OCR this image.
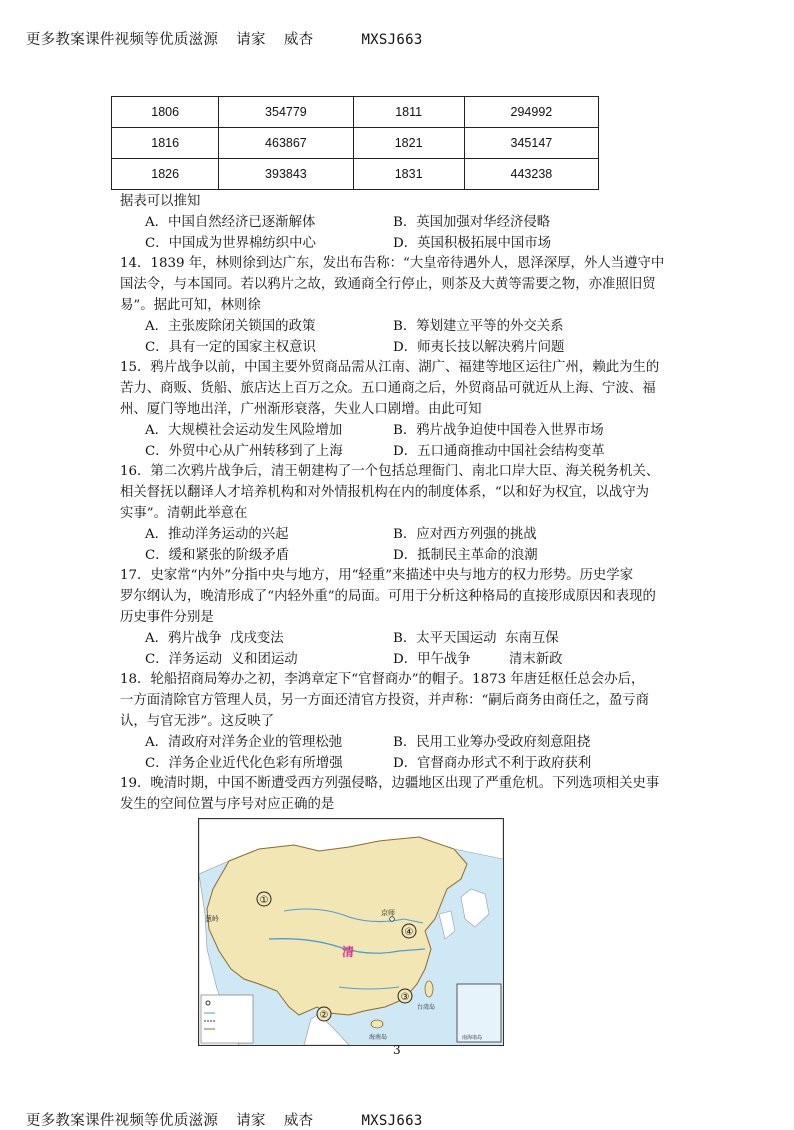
更多教案课件视频等优质滋源 请家 威杏	MXSJ663

1806	354779	1811	294992
1816	463867	1821	345147
1826	393843	1831	443238
据表可以推知
A．中国自然经济已逐渐解体	B．英国加强对华经济侵略
C．中国成为世界棉纺织中心	D．英国积极拓展中国市场
14．1839 年，林则徐到达广东，发出布告称：“大皇帝待遇外人，恩泽深厚，外人当遵守中
国法令，与本国同。若以鸦片之故，致通商全行停止，则茶及大黄等需要之物，亦准照旧贸
易”。据此可知，林则徐
A．主张废除闭关锁国的政策	B．筹划建立平等的外交关系
C．具有一定的国家主权意识	D．师夷长技以解决鸦片问题
15．鸦片战争以前，中国主要外贸商品需从江南、湖广、福建等地区运往广州，赖此为生的
苦力、商贩、货船、旅店达上百万之众。五口通商之后，外贸商品可就近从上海、宁波、福
州、厦门等地出洋，广州渐形衰落，失业人口剧增。由此可知
A．大规模社会运动发生风险增加	B．鸦片战争迫使中国卷入世界市场
C．外贸中心从广州转移到了上海	D．五口通商推动中国社会结构变革
16．第二次鸦片战争后，清王朝建构了一个包括总理衙门、南北口岸大臣、海关税务机关、
相关督抚以翻译人才培养机构和对外情报机构在内的制度体系，“以和好为权宜，以战守为
实事”。清朝此举意在
A．推动洋务运动的兴起	B．应对西方列强的挑战
C．缓和紧张的阶级矛盾	D．抵制民主革命的浪潮
17．史家常“内外”分指中央与地方，用“轻重”来描述中央与地方的权力形势。历史学家
罗尔纲认为，晚清形成了“内轻外重”的局面。可用于分析这种格局的直接形成原因和表现的
历史事件分别是
A．鸦片战争  戊戌变法	B．太平天国运动  东南互保
C．洋务运动  义和团运动	D．甲午战争         清末新政
18．轮船招商局筹办之初，李鸿章定下“官督商办”的帽子。1873 年唐廷枢任总会办后，
一方面清除官方管理人员，另一方面还清官方投资，并声称：“嗣后商务由商任之，盈亏商
认，与官无涉”。这反映了
A．清政府对洋务企业的管理松弛	B．民用工业筹办受政府刻意阻挠
C．洋务企业近代化色彩有所增强	D．官督商办形式不利于政府获利
19．晚清时期，中国不断遭受西方列强侵略，边疆地区出现了严重危机。下列选项相关史事
发生的空间位置与序号对应正确的是
清
京师
葱岭
台湾岛
海南岛	南海诸岛
①
②
③
④
3

更多教案课件视频等优质滋源 请家 威杏	MXSJ663
